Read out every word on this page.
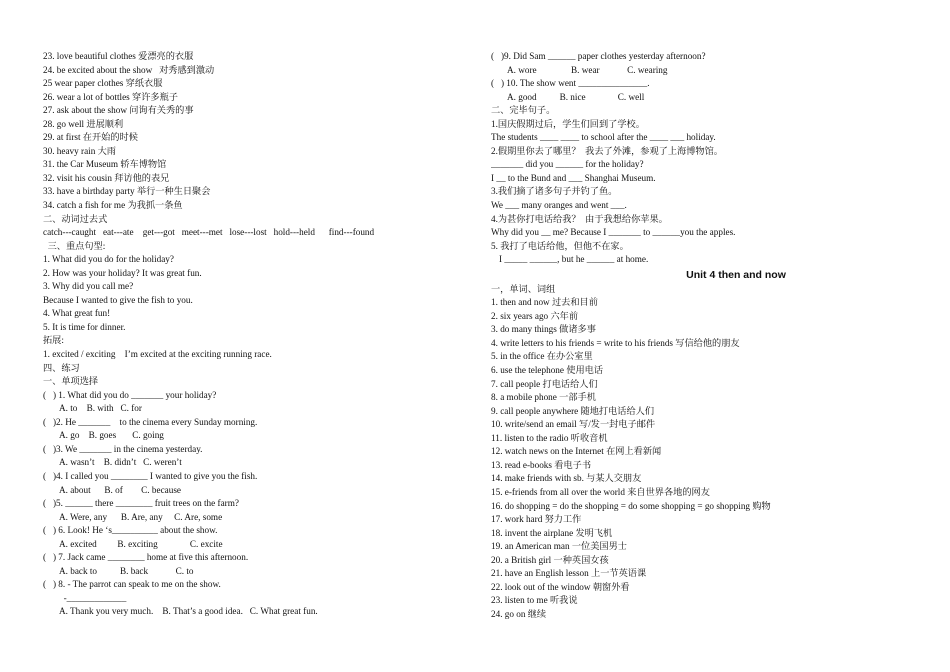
23. love beautiful clothes 爱漂亮的衣服
24. be excited about the show   对秀感到激动
25 wear paper clothes 穿纸衣服
26. wear a lot of bottles 穿许多瓶子
27. ask about the show 问询有关秀的事
28. go well 进展顺利
29. at first 在开始的时候
30. heavy rain 大雨
31. the Car Museum 轿车博物馆
32. visit his cousin 拜访他的表兄
33. have a birthday party 举行一种生日聚会
34. catch a fish for me 为我抓一条鱼
二、动词过去式
catch---caught   eat---ate    get---got   meet---met   lose---lost   hold---held      find---found
三、重点句型:
1. What did you do for the holiday?
2. How was your holiday? It was great fun.
3. Why did you call me?
Because I wanted to give the fish to you.
4. What great fun!
5. It is time for dinner.
拓展:
1. excited / exciting    I’m excited at the exciting running race.
四、练习
一、单项选择
(   ) 1. What did you do _______ your holiday?
A. to    B. with   C. for
(   )2. He _______    to the cinema every Sunday morning.
A. go    B. goes       C. going
(   )3. We _______ in the cinema yesterday.
A. wasn’t    B. didn’t   C. weren’t
(   )4. I called you ________ I wanted to give you the fish.
A. about      B. of        C. because
(   )5. ______ there ________ fruit trees on the farm?
A. Were, any      B. Are, any     C. Are, some
(   ) 6. Look! He ‘s__________ about the show.
A. excited         B. exciting              C. excite
(   ) 7. Jack came ________ home at five this afternoon.
A. back to          B. back            C. to
(   ) 8. - The parrot can speak to me on the show.
-_____________
A. Thank you very much.    B. That’s a good idea.   C. What great fun.
(   )9. Did Sam ______ paper clothes yesterday afternoon?
A. wore               B. wear            C. wearing
(   ) 10. The show went _______________.
A. good          B. nice              C. well
二、完毕句子。
1.国庆假期过后，学生们回到了学校。
The students ____ ____ to school after the ____ ___ holiday.
2.假期里你去了哪里？  我去了外滩，参观了上海博物馆。
_______ did you ______ for the holiday?
I __ to the Bund and ___ Shanghai Museum.
3.我们摘了诸多句子并钓了鱼。
We ___ many oranges and went ___.
4.为甚你打电话给我？  由于我想给你苹果。
Why did you __ me? Because I _______ to ______you the apples.
5. 我打了电话给他，但他不在家。
I _____ ______, but he ______ at home.
Unit 4 then and now
一，单词、词组
1. then and now 过去和目前
2. six years ago 六年前
3. do many things 做诸多事
4. write letters to his friends = write to his friends 写信给他的朋友
5. in the office 在办公室里
6. use the telephone 使用电话
7. call people 打电话给人们
8. a mobile phone 一部手机
9. call people anywhere 随地打电话给人们
10. write/send an email 写/发一封电子邮件
11. listen to the radio 听收音机
12. watch news on the Internet 在网上看新闻
13. read e-books 看电子书
14. make friends with sb. 与某人交朋友
15. e-friends from all over the world 来自世界各地的网友
16. do shopping = do the shopping = do some shopping = go shopping 购物
17. work hard 努力工作
18. invent the airplane 发明飞机
19. an American man 一位美国男士
20. a British girl 一种英国女孩
21. have an English lesson 上一节英语课
22. look out of the window 朝窗外看
23. listen to me 听我说
24. go on 继续
